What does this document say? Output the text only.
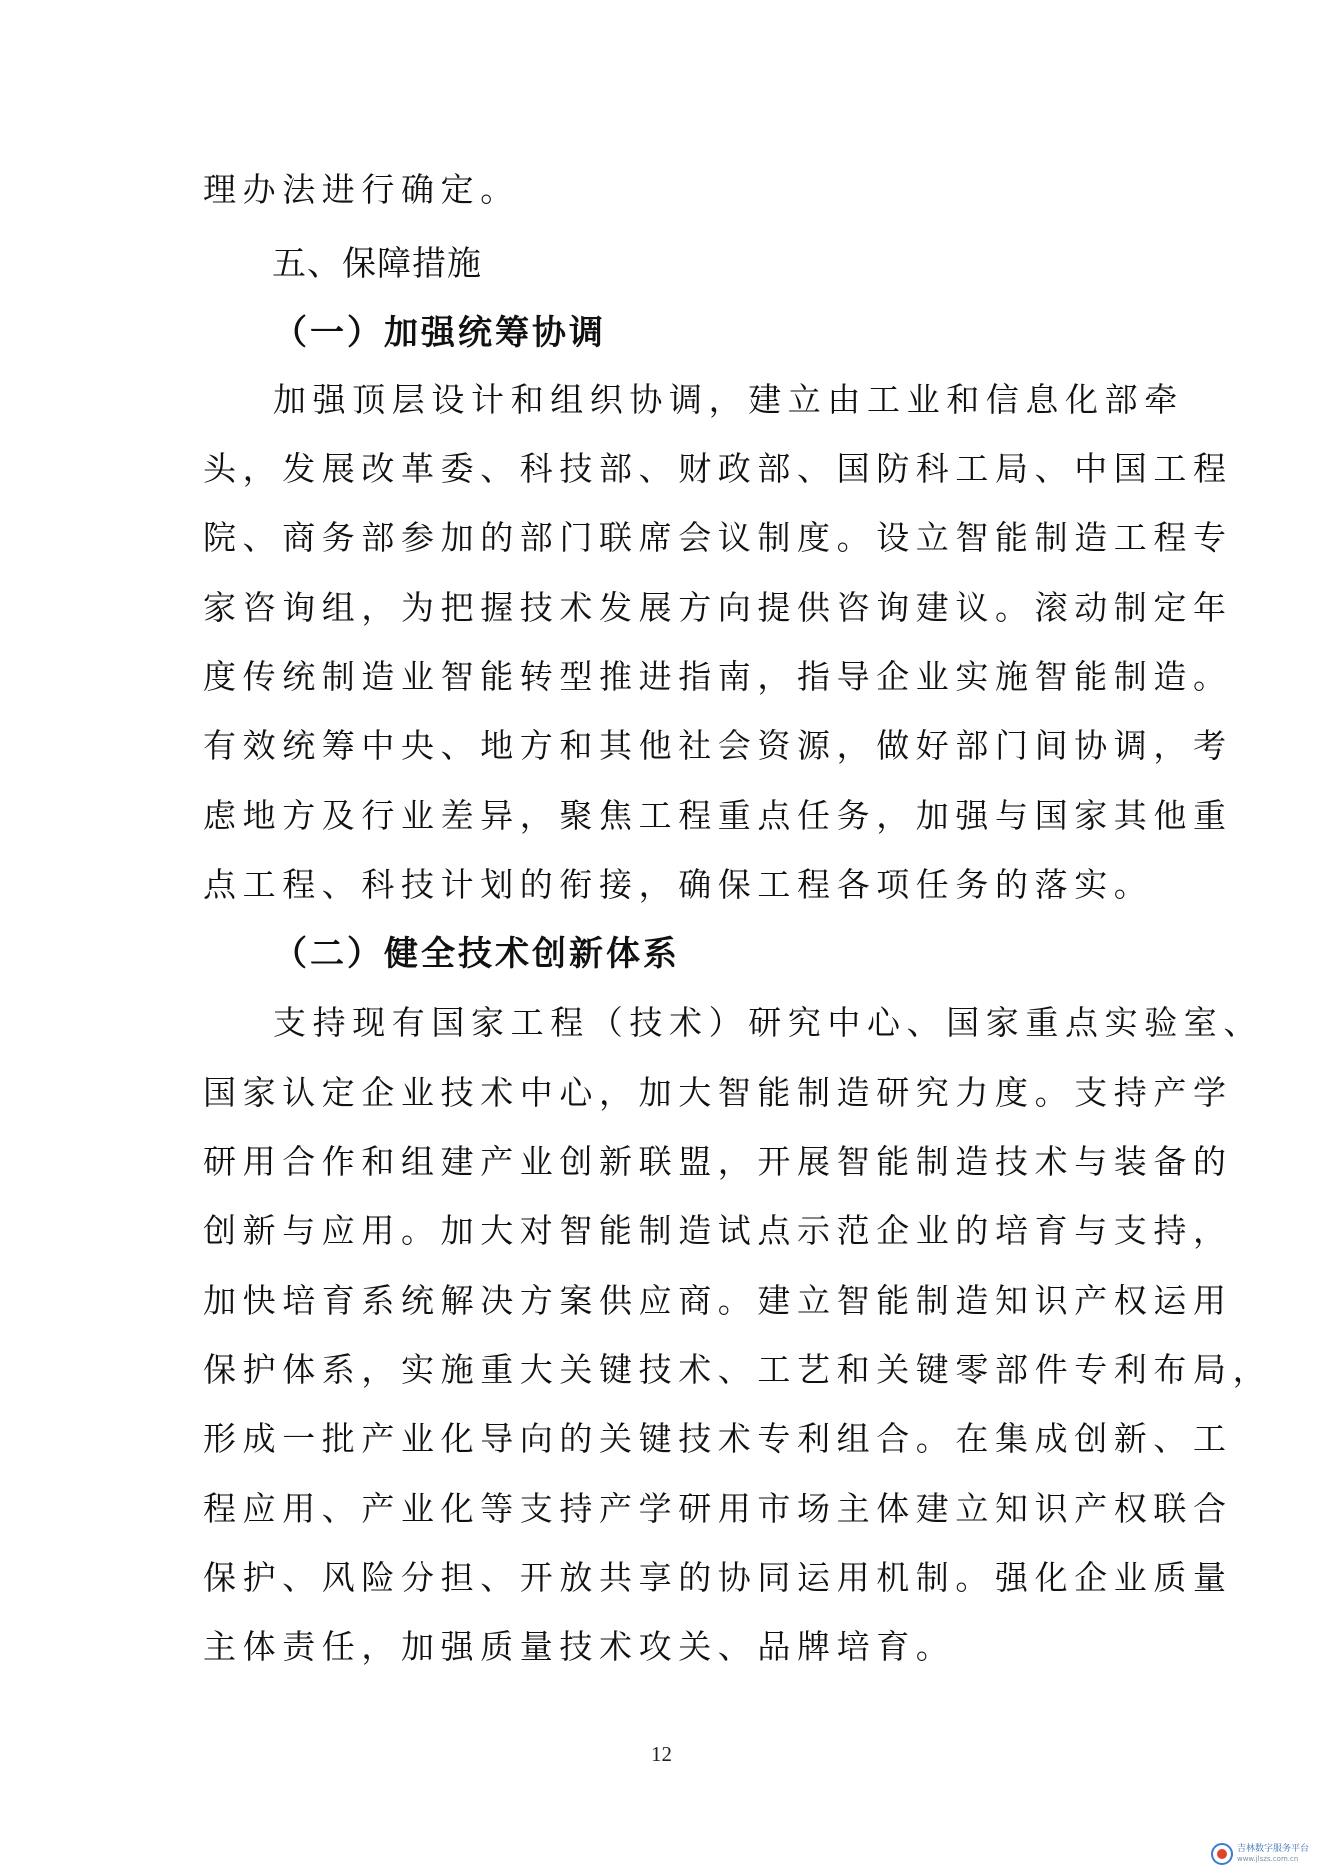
理办法进行确定。

五、保障措施
（一）加强统筹协调

加强顶层设计和组织协调，建立由工业和信息化部牵

头，发展改革委、科技部、财政部、国防科工局、中国工程

院、商务部参加的部门联席会议制度。设立智能制造工程专

家咨询组，为把握技术发展方向提供咨询建议。滚动制定年

度传统制造业智能转型推进指南，指导企业实施智能制造。

有效统筹中央、地方和其他社会资源，做好部门间协调，考

虑地方及行业差异，聚焦工程重点任务，加强与国家其他重

点工程、科技计划的衔接，确保工程各项任务的落实。

（二）健全技术创新体系

支持现有国家工程（技术）研究中心、国家重点实验室、

国家认定企业技术中心，加大智能制造研究力度。支持产学

研用合作和组建产业创新联盟，开展智能制造技术与装备的

创新与应用。加大对智能制造试点示范企业的培育与支持，

加快培育系统解决方案供应商。建立智能制造知识产权运用

保护体系，实施重大关键技术、工艺和关键零部件专利布局，

形成一批产业化导向的关键技术专利组合。在集成创新、工

程应用、产业化等支持产学研用市场主体建立知识产权联合

保护、风险分担、开放共享的协同运用机制。强化企业质量

主体责任，加强质量技术攻关、品牌培育。

12
吉林数字服务平台
www.jlszs.com.cn
